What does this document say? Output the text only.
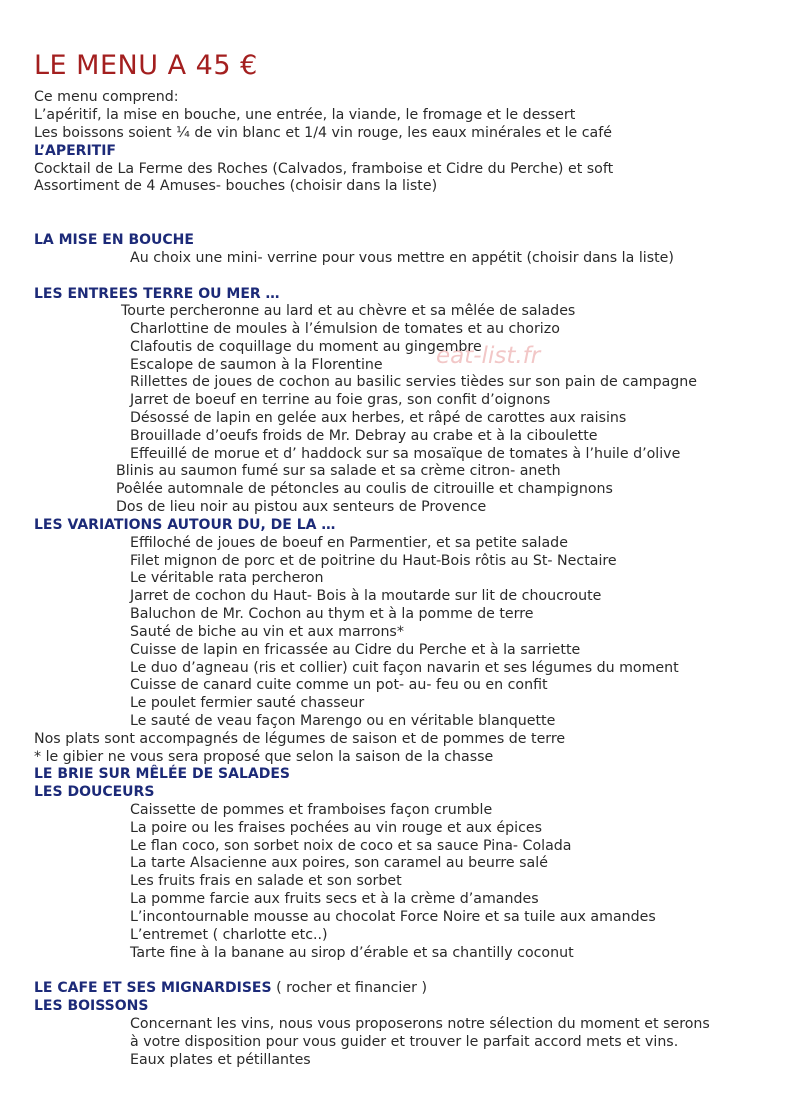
LE MENU A 45 €
eat-list.fr
Ce menu comprend:
L’apéritif, la mise en bouche, une entrée, la viande, le fromage et le dessert
Les boissons soient ¼ de vin blanc et 1/4 vin rouge, les eaux minérales et le café
L’APERITIF
Cocktail de La Ferme des Roches (Calvados, framboise et Cidre du Perche) et soft
Assortiment de 4 Amuses- bouches (choisir dans la liste)
LA MISE EN BOUCHE
Au choix une mini- verrine pour vous mettre en appétit (choisir dans la liste)
LES ENTREES TERRE OU MER …
Tourte percheronne au lard et au chèvre et sa mêlée de salades
Charlottine de moules à l’émulsion de tomates et au chorizo
Clafoutis de coquillage du moment au gingembre
Escalope de saumon à la Florentine
Rillettes de joues de cochon au basilic servies tièdes sur son pain de campagne
Jarret de boeuf en terrine au foie gras, son confit d’oignons
Désossé de lapin en gelée aux herbes, et râpé de carottes aux raisins
Brouillade d’oeufs froids de Mr. Debray au crabe et à la ciboulette
Effeuillé de morue et d’ haddock sur sa mosaïque de tomates à l’huile d’olive
Blinis au saumon fumé sur sa salade et sa crème citron- aneth
Poêlée automnale de pétoncles au coulis de citrouille et champignons
Dos de lieu noir au pistou aux senteurs de Provence
LES VARIATIONS AUTOUR DU, DE LA …
Effiloché de joues de boeuf en Parmentier, et sa petite salade
Filet mignon de porc et de poitrine du Haut-Bois rôtis au St- Nectaire
Le véritable rata percheron
Jarret de cochon du Haut- Bois à la moutarde sur lit de choucroute
Baluchon de Mr. Cochon au thym et à la pomme de terre
Sauté de biche au vin et aux marrons*
Cuisse de lapin en fricassée au Cidre du Perche et à la sarriette
Le duo d’agneau (ris et collier) cuit façon navarin et ses légumes du moment
Cuisse de canard cuite comme un pot- au- feu ou en confit
Le poulet fermier sauté chasseur
Le sauté de veau façon Marengo ou en véritable blanquette
Nos plats sont accompagnés de légumes de saison et de pommes de terre
* le gibier ne vous sera proposé que selon la saison de la chasse
LE BRIE SUR MÊLÉE DE SALADES
LES DOUCEURS
Caissette de pommes et framboises façon crumble
La poire ou les fraises pochées au vin rouge et aux épices
Le flan coco, son sorbet noix de coco et sa sauce Pina- Colada
La tarte Alsacienne aux poires, son caramel au beurre salé
Les fruits frais en salade et son sorbet
La pomme farcie aux fruits secs et à la crème d’amandes
L’incontournable mousse au chocolat Force Noire et sa tuile aux amandes
L’entremet ( charlotte etc..)
Tarte fine à la banane au sirop d’érable et sa chantilly coconut
LE CAFE ET SES MIGNARDISES ( rocher et financier )
LES BOISSONS
Concernant les vins, nous vous proposerons notre sélection du moment et serons
à votre disposition pour vous guider et trouver le parfait accord mets et vins.
Eaux plates et pétillantes
